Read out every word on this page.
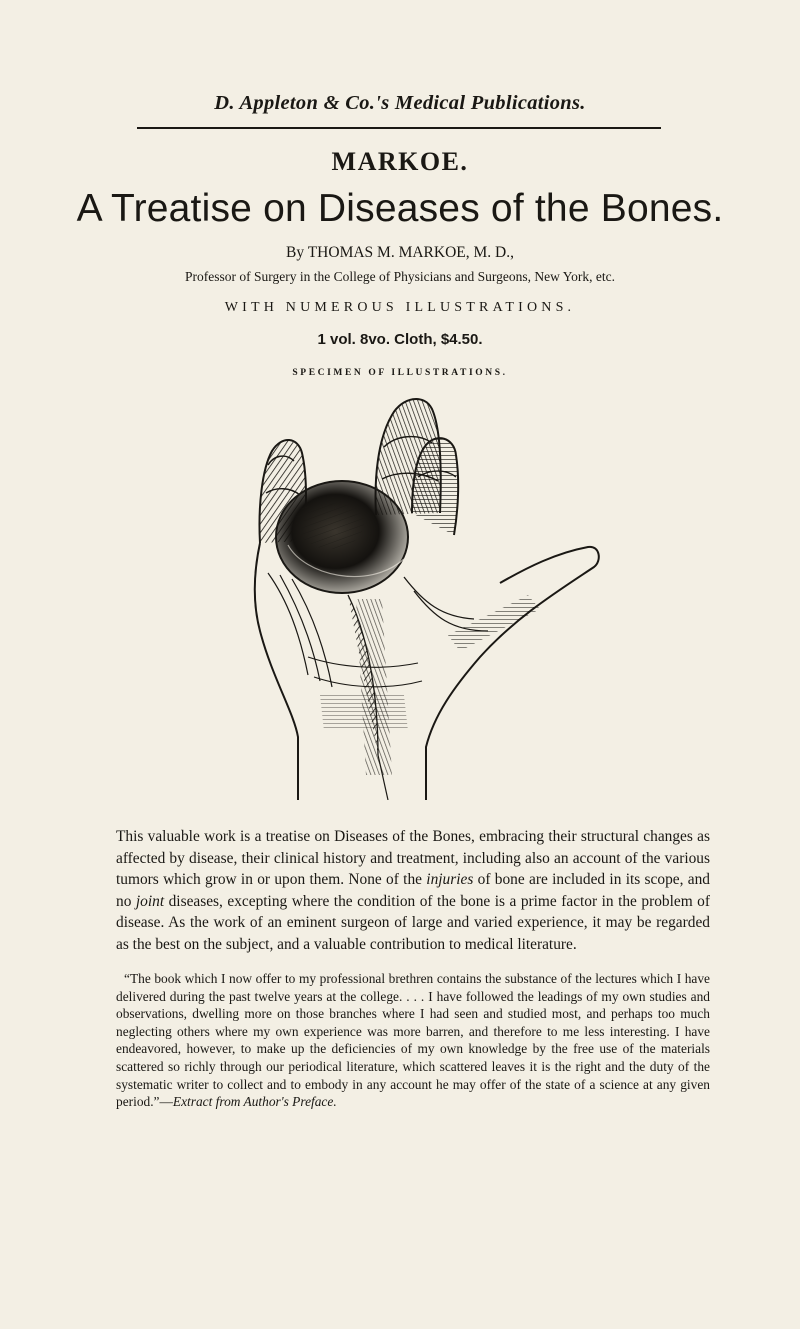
D. Appleton & Co.'s Medical Publications.
MARKOE.
A Treatise on Diseases of the Bones.
By THOMAS M. MARKOE, M. D.,
Professor of Surgery in the College of Physicians and Surgeons, New York, etc.
WITH NUMEROUS ILLUSTRATIONS.
1 vol. 8vo. Cloth, $4.50.
SPECIMEN OF ILLUSTRATIONS.

This valuable work is a treatise on Diseases of the Bones, embracing their structural changes as affected by disease, their clinical history and treatment, including also an account of the various tumors which grow in or upon them. None of the injuries of bone are included in its scope, and no joint diseases, excepting where the condition of the bone is a prime factor in the problem of disease. As the work of an eminent surgeon of large and varied experience, it may be regarded as the best on the subject, and a valuable contribution to medical literature.

“The book which I now offer to my professional brethren contains the substance of the lectures which I have delivered during the past twelve years at the college. . . . I have followed the leadings of my own studies and observations, dwelling more on those branches where I had seen and studied most, and perhaps too much neglecting others where my own experience was more barren, and therefore to me less interesting. I have endeavored, however, to make up the deficiencies of my own knowledge by the free use of the materials scattered so richly through our periodical literature, which scattered leaves it is the right and the duty of the systematic writer to collect and to embody in any account he may offer of the state of a science at any given period.”—Extract from Author's Preface.
